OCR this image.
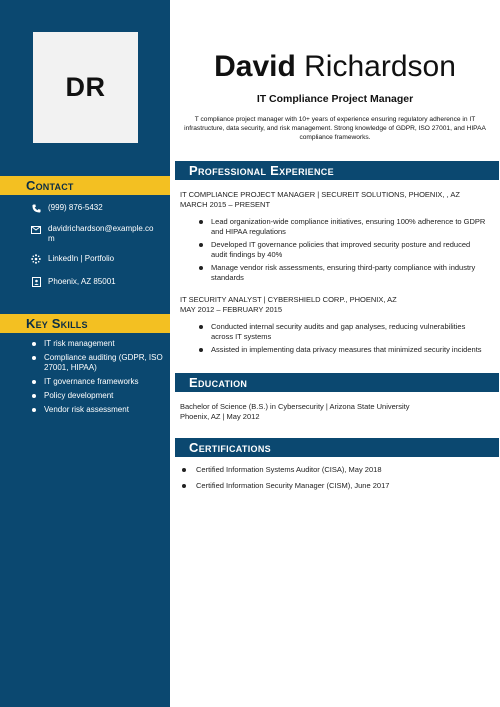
DR
Contact
(999) 876-5432
davidrichardson@example.com
LinkedIn | Portfolio
Phoenix, AZ 85001
Key Skills
IT risk management
Compliance auditing (GDPR, ISO 27001, HIPAA)
IT governance frameworks
Policy development
Vendor risk assessment
David Richardson
IT Compliance Project Manager
T compliance project manager with 10+ years of experience ensuring regulatory adherence in IT infrastructure, data security, and risk management. Strong knowledge of GDPR, ISO 27001, and HIPAA compliance frameworks.
Professional Experience
IT COMPLIANCE PROJECT MANAGER | SECUREIT SOLUTIONS, PHOENIX, , AZ
MARCH 2015 – PRESENT
Lead organization-wide compliance initiatives, ensuring 100% adherence to GDPR and HIPAA regulations
Developed IT governance policies that improved security posture and reduced audit findings by 40%
Manage vendor risk assessments, ensuring third-party compliance with industry standards
IT SECURITY ANALYST | CYBERSHIELD CORP., PHOENIX, AZ
MAY 2012 – FEBRUARY 2015
Conducted internal security audits and gap analyses, reducing vulnerabilities across IT systems
Assisted in implementing data privacy measures that minimized security incidents
Education
Bachelor of Science (B.S.) in Cybersecurity | Arizona State University
Phoenix, AZ | May 2012
Certifications
Certified Information Systems Auditor (CISA), May 2018
Certified Information Security Manager (CISM), June 2017
